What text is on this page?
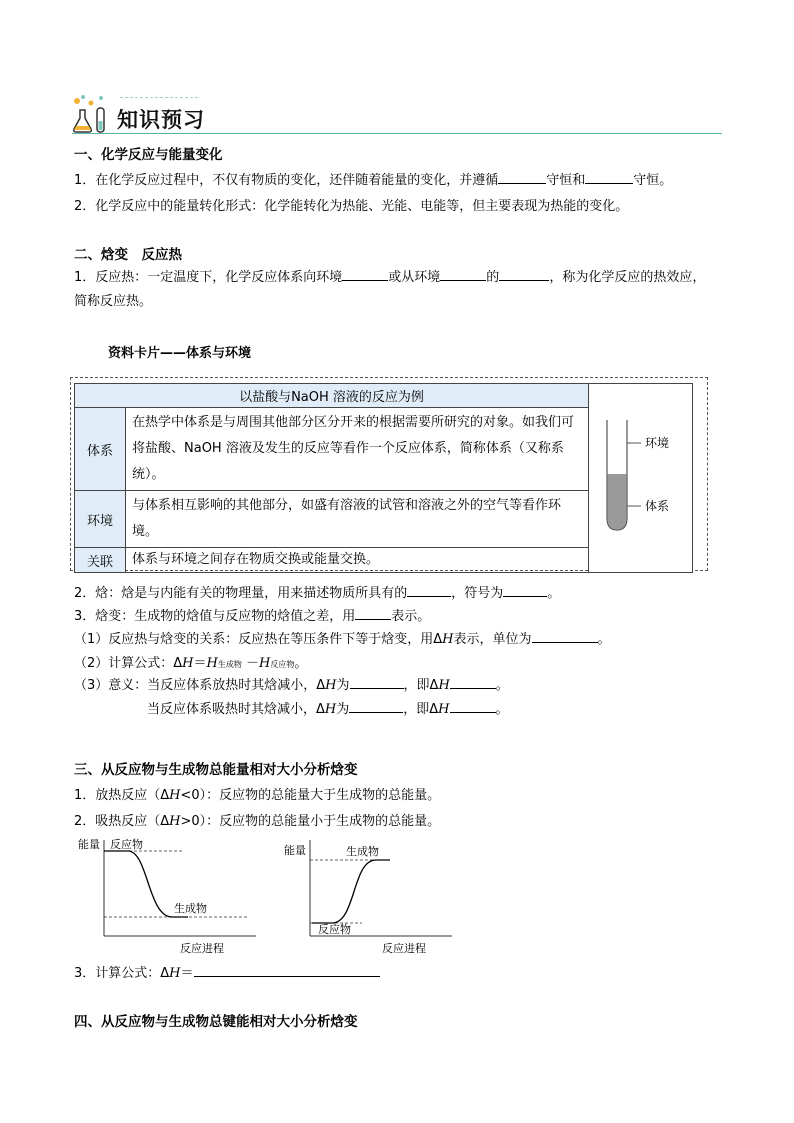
知识预习
一、化学反应与能量变化
1．在化学反应过程中，不仅有物质的变化，还伴随着能量的变化，并遵循	守恒和	守恒。
2．化学反应中的能量转化形式：化学能转化为热能、光能、电能等，但主要表现为热能的变化。
二、焓变　反应热
1．反应热：一定温度下，化学反应体系向环境	或从环境	的	，称为化学反应的热效应，
简称反应热。
资料卡片——体系与环境
以盐酸与NaOH 溶液的反应为例		环境
体系

体系	在热学中体系是与周围其他部分区分开来的根据需要所研究的对象。如我们可将盐酸、NaOH 溶液及发生的反应等看作一个反应体系，简称体系（又称系统）。	
环境	与体系相互影响的其他部分，如盛有溶液的试管和溶液之外的空气等看作环境。	
关联	体系与环境之间存在物质交换或能量交换。	
2．焓：焓是与内能有关的物理量，用来描述物质所具有的	，符号为	。
3．焓变：生成物的焓值与反应物的焓值之差，用	表示。
（1）反应热与焓变的关系：反应热在等压条件下等于焓变，用ΔH表示，单位为	。
（2）计算公式：ΔH＝H生成物 －H反应物。
（3）意义：当反应体系放热时其焓减小，ΔH为	，即ΔH	。
当反应体系吸热时其焓减小，ΔH为	，即ΔH	。
三、从反应物与生成物总能量相对大小分析焓变
1．放热反应（ΔH<0）：反应物的总能量大于生成物的总能量。
2．吸热反应（ΔH>0）：反应物的总能量小于生成物的总能量。
能量 反应物
生成物
反应进程
能量	生成物
反应物
反应进程
3．计算公式：ΔH＝
四、从反应物与生成物总键能相对大小分析焓变
